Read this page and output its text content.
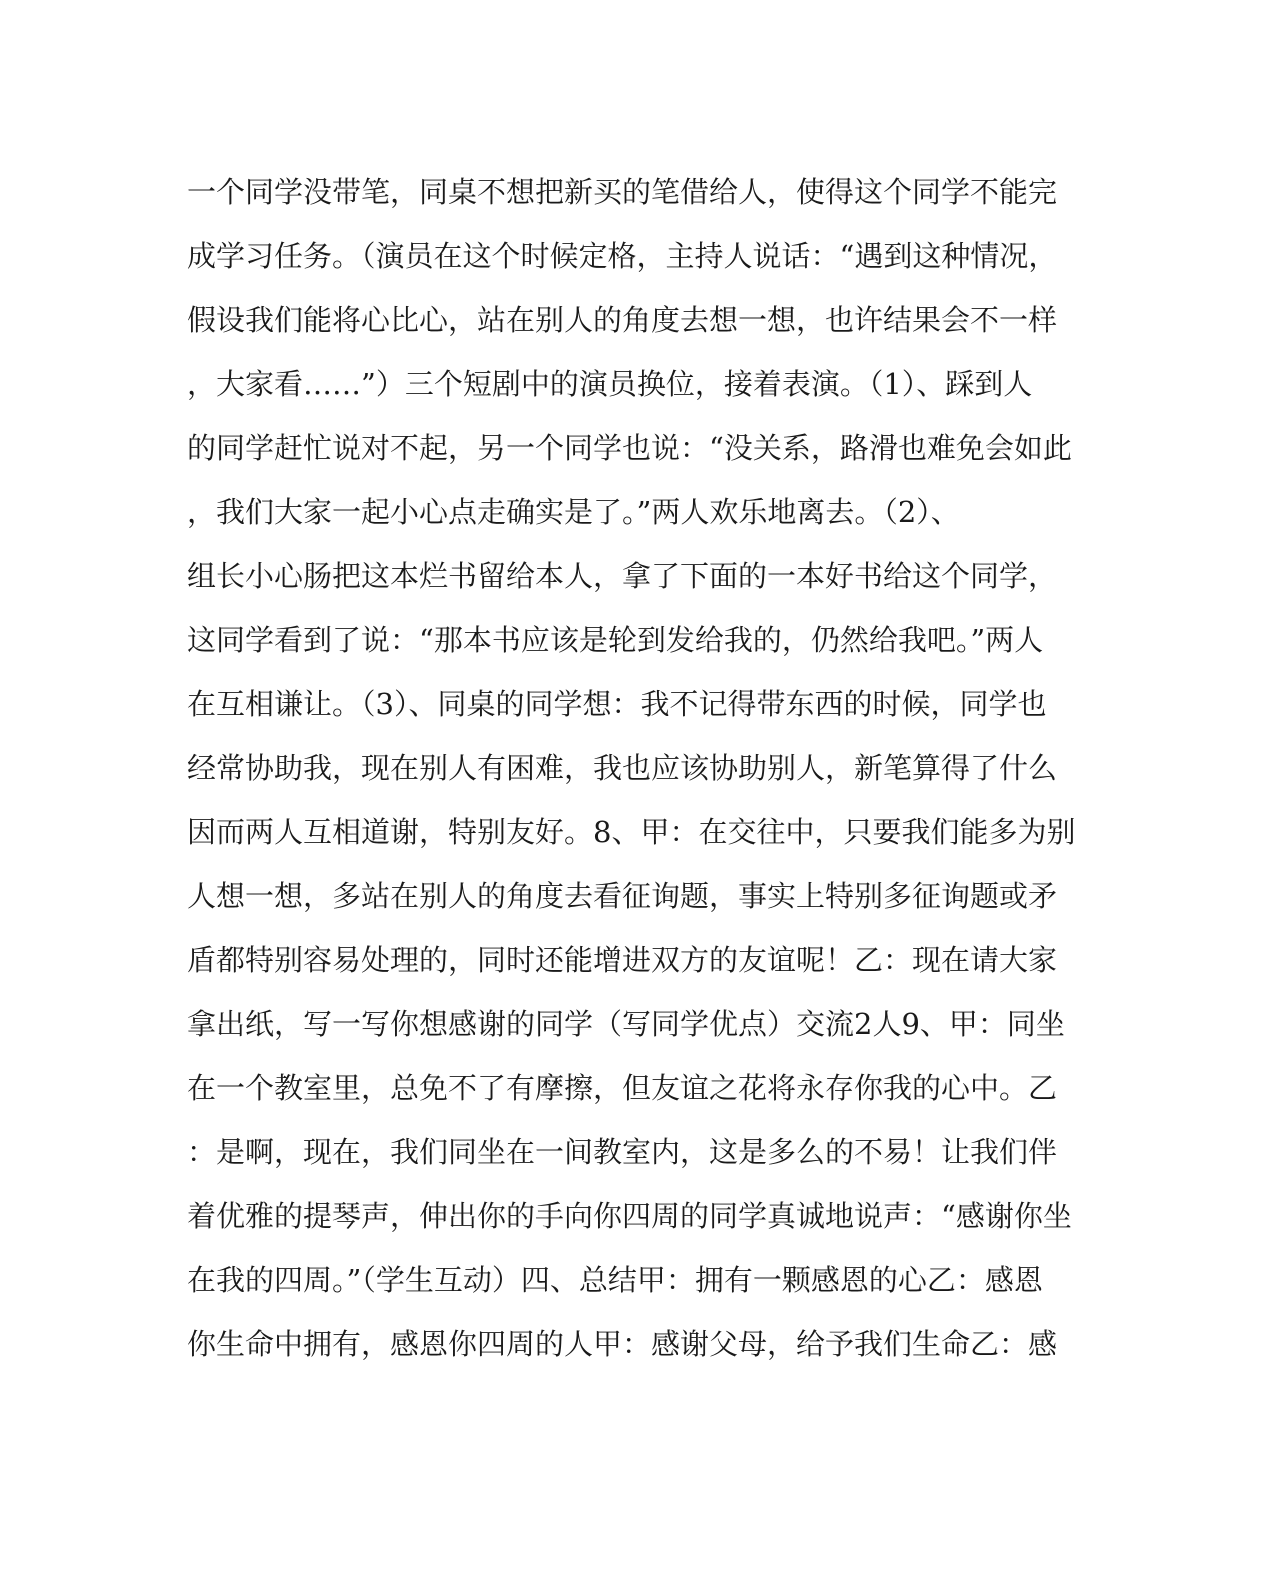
一个同学没带笔，同桌不想把新买的笔借给人，使得这个同学不能完
成学习任务。（演员在这个时候定格，主持人说话：“遇到这种情况，
假设我们能将心比心，站在别人的角度去想一想，也许结果会不一样
，大家看……”）三个短剧中的演员换位，接着表演。（1）、踩到人
的同学赶忙说对不起，另一个同学也说：“没关系，路滑也难免会如此
，我们大家一起小心点走确实是了。”两人欢乐地离去。（2）、
组长小心肠把这本烂书留给本人，拿了下面的一本好书给这个同学，
这同学看到了说：“那本书应该是轮到发给我的，仍然给我吧。”两人
在互相谦让。（3）、同桌的同学想：我不记得带东西的时候，同学也
经常协助我，现在别人有困难，我也应该协助别人，新笔算得了什么
因而两人互相道谢，特别友好。8、甲：在交往中，只要我们能多为别
人想一想，多站在别人的角度去看征询题，事实上特别多征询题或矛
盾都特别容易处理的，同时还能增进双方的友谊呢！乙：现在请大家
拿出纸，写一写你想感谢的同学（写同学优点）交流2人9、甲：同坐
在一个教室里，总免不了有摩擦，但友谊之花将永存你我的心中。乙
：是啊，现在，我们同坐在一间教室内，这是多么的不易！让我们伴
着优雅的提琴声，伸出你的手向你四周的同学真诚地说声：“感谢你坐
在我的四周。”（学生互动）四、总结甲：拥有一颗感恩的心乙：感恩
你生命中拥有，感恩你四周的人甲：感谢父母，给予我们生命乙：感
